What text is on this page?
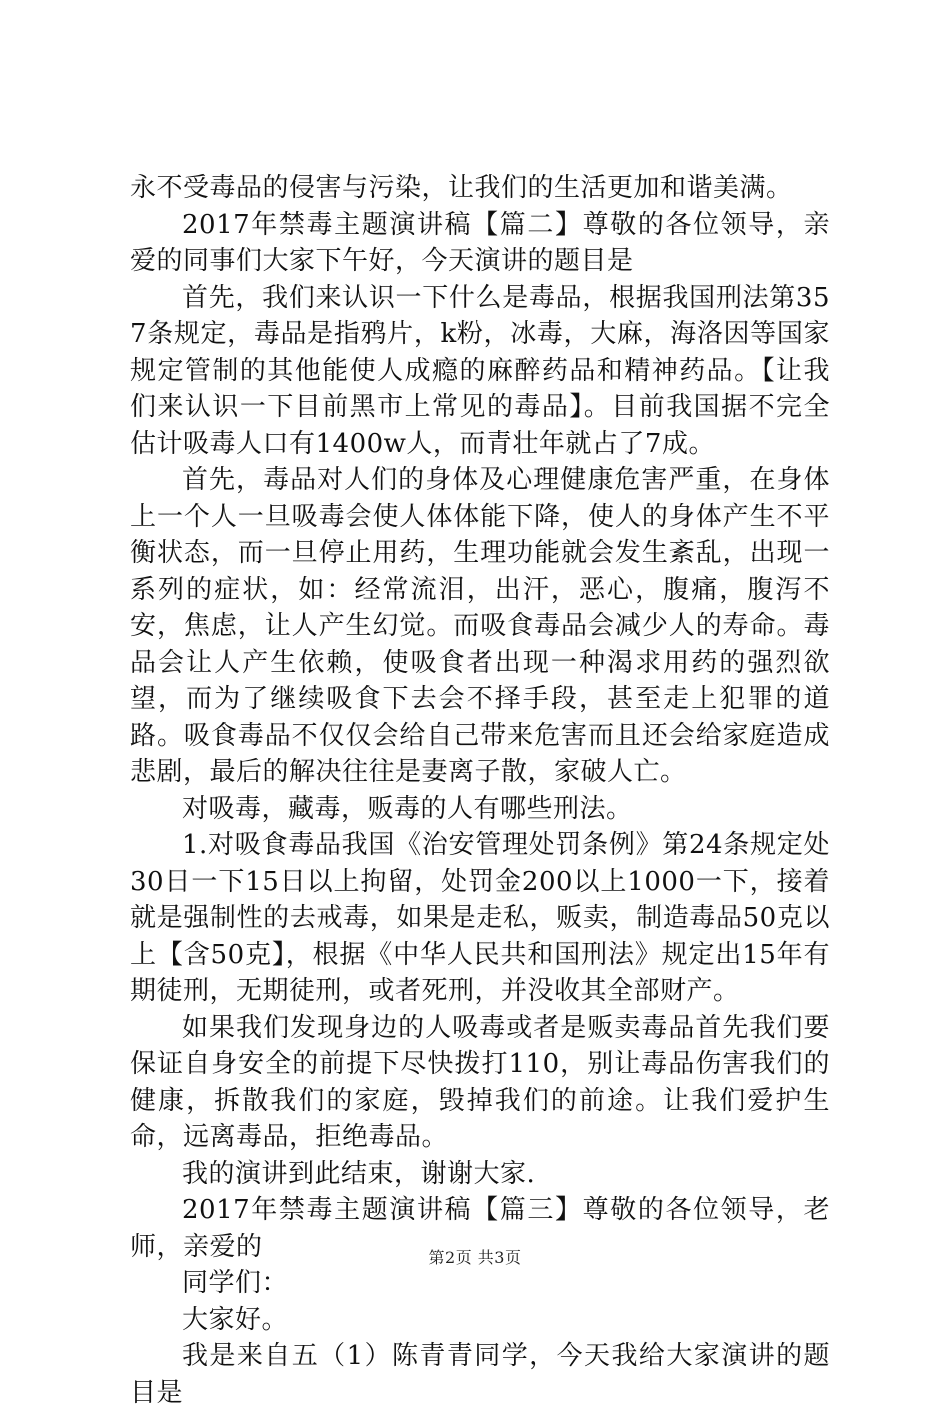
永不受毒品的侵害与污染，让我们的生活更加和谐美满。

2017年禁毒主题演讲稿【篇二】尊敬的各位领导，亲爱的同事们大家下午好，今天演讲的题目是

首先，我们来认识一下什么是毒品，根据我国刑法第357条规定，毒品是指鸦片，k粉，冰毒，大麻，海洛因等国家规定管制的其他能使人成瘾的麻醉药品和精神药品。【让我们来认识一下目前黑市上常见的毒品】。目前我国据不完全估计吸毒人口有1400w人，而青壮年就占了7成。

首先，毒品对人们的身体及心理健康危害严重，在身体上一个人一旦吸毒会使人体体能下降，使人的身体产生不平衡状态，而一旦停止用药，生理功能就会发生紊乱，出现一系列的症状，如：经常流泪，出汗，恶心，腹痛，腹泻不安，焦虑，让人产生幻觉。而吸食毒品会减少人的寿命。毒品会让人产生依赖，使吸食者出现一种渴求用药的强烈欲望，而为了继续吸食下去会不择手段，甚至走上犯罪的道路。吸食毒品不仅仅会给自己带来危害而且还会给家庭造成悲剧，最后的解决往往是妻离子散，家破人亡。

对吸毒，藏毒，贩毒的人有哪些刑法。

1.对吸食毒品我国《治安管理处罚条例》第24条规定处30日一下15日以上拘留，处罚金200以上1000一下，接着就是强制性的去戒毒，如果是走私，贩卖，制造毒品50克以上【含50克】，根据《中华人民共和国刑法》规定出15年有期徒刑，无期徒刑，或者死刑，并没收其全部财产。

如果我们发现身边的人吸毒或者是贩卖毒品首先我们要保证自身安全的前提下尽快拨打110，别让毒品伤害我们的健康，拆散我们的家庭，毁掉我们的前途。让我们爱护生命，远离毒品，拒绝毒品。

我的演讲到此结束，谢谢大家.

2017年禁毒主题演讲稿【篇三】尊敬的各位领导，老师，亲爱的

同学们：

大家好。

我是来自五（1）陈青青同学，今天我给大家演讲的题目是

第2页 共3页
